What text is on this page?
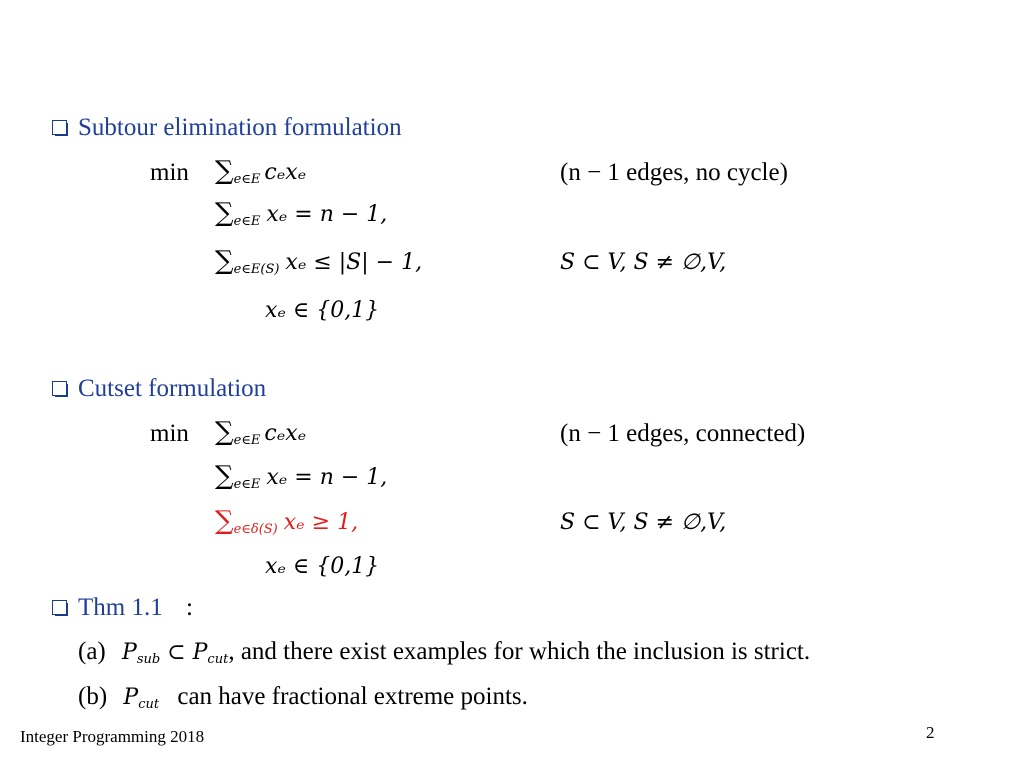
Subtour elimination formulation
$\min \sum_{e\in E}$ cₑxₑ	(n − 1 edges, no cycle)
$\sum_{e\in E}$ xₑ = n − 1,
$\sum_{e\in E(S)}$ xₑ ≤ |S| − 1,	S ⊂ V, S ≠ ∅,V,
xₑ ∈ {0,1}
Cutset formulation
$\min \sum_{e\in E}$ cₑxₑ	(n − 1 edges, connected)
$\sum_{e\in E}$ xₑ = n − 1,
$\sum_{e\in\delta(S)}$ xₑ ≥ 1,	S ⊂ V, S ≠ ∅,V,
xₑ ∈ {0,1}
Thm 1.1 :
(a) $P_{sub}$ ⊂ $P_{cut}$, and there exist examples for which the inclusion is strict.
(b) $P_{cut}$ can have fractional extreme points.
Integer Programming 2018	2
